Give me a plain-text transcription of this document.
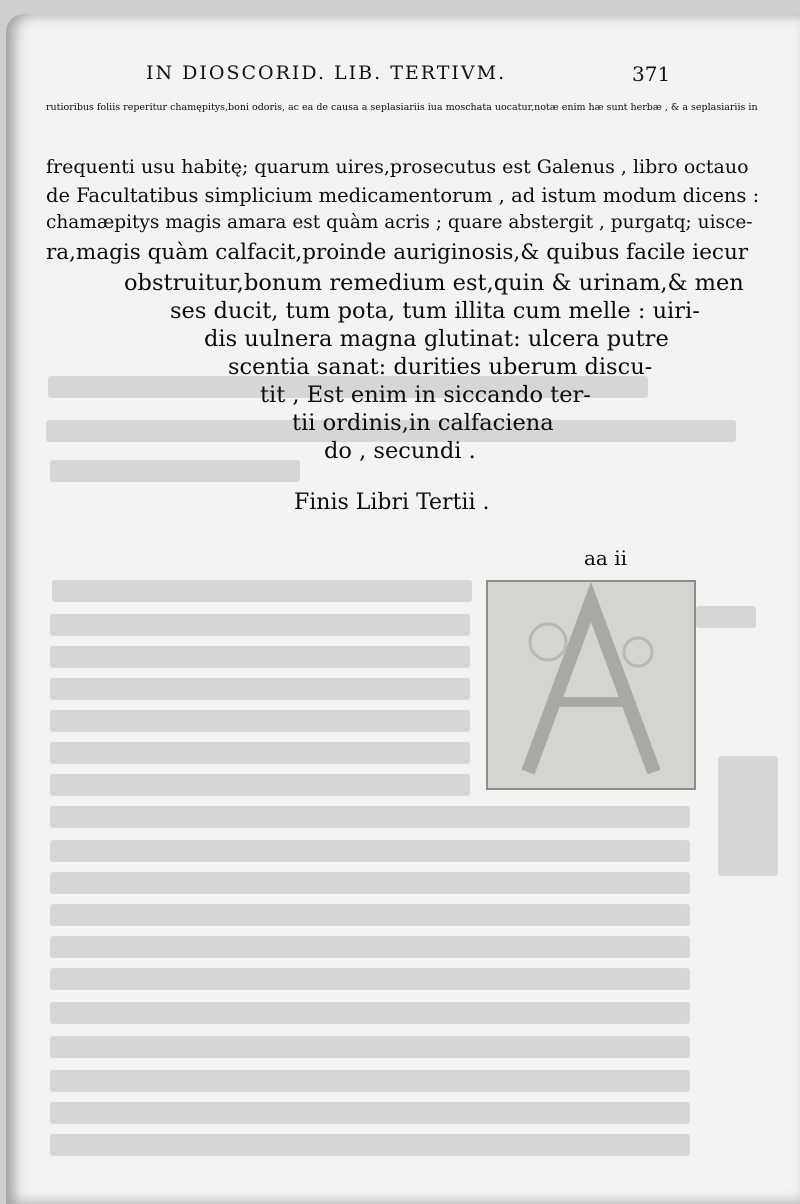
IN DIOSCORID. LIB. TERTIVM.	371
rutioribus foliis reperitur chamępitys,boni odoris, ac ea de causa a seplasiariis iua moschata uocatur,notæ enim hæ sunt herbæ , & a seplasiariis in
frequenti usu habitę; quarum uires,prosecutus est Galenus , libro octauo
de Facultatibus simplicium medicamentorum , ad istum modum dicens :
chamæpitys magis amara est quàm acris ; quare abstergit , purgatq; uisce-
ra,magis quàm calfacit,proinde auriginosis,& quibus facile iecur
obstruitur,bonum remedium est,quin & urinam,& men
ses ducit, tum pota, tum illita cum melle : uiri-
dis uulnera magna glutinat: ulcera putre
scentia sanat: durities uberum discu-
tit , Est enim in siccando ter-
tii ordinis,in calfaciena
do , secundi .
Finis Libri Tertii .
aa ii
